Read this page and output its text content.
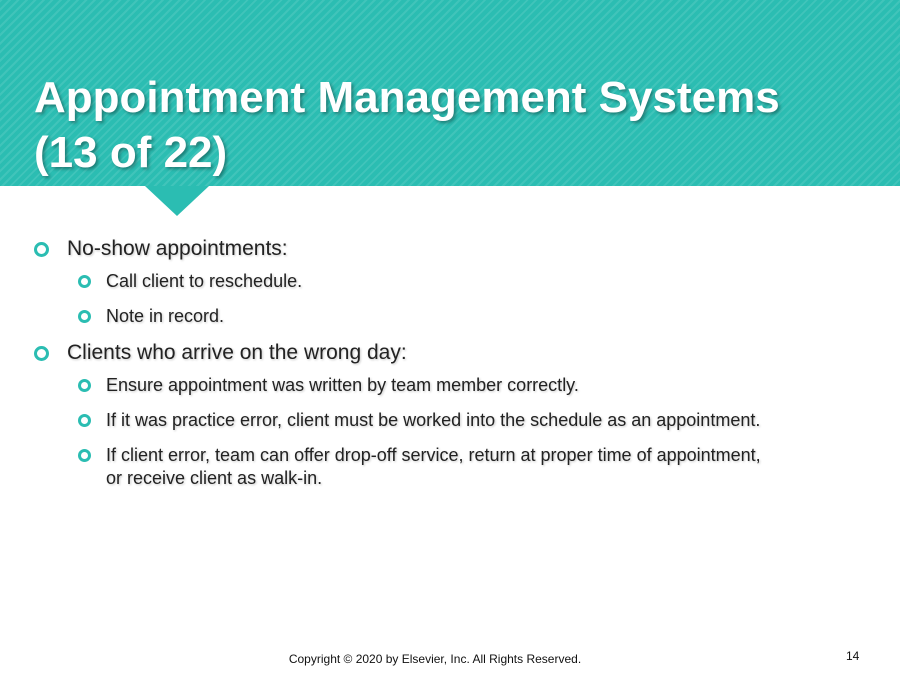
Appointment Management Systems
(13 of 22)
No-show appointments:
Call client to reschedule.
Note in record.
Clients who arrive on the wrong day:
Ensure appointment was written by team member correctly.
If it was practice error, client must be worked into the schedule as an appointment.
If client error, team can offer drop-off service, return at proper time of appointment, or receive client as walk-in.
Copyright © 2020 by Elsevier, Inc. All Rights Reserved.	14
